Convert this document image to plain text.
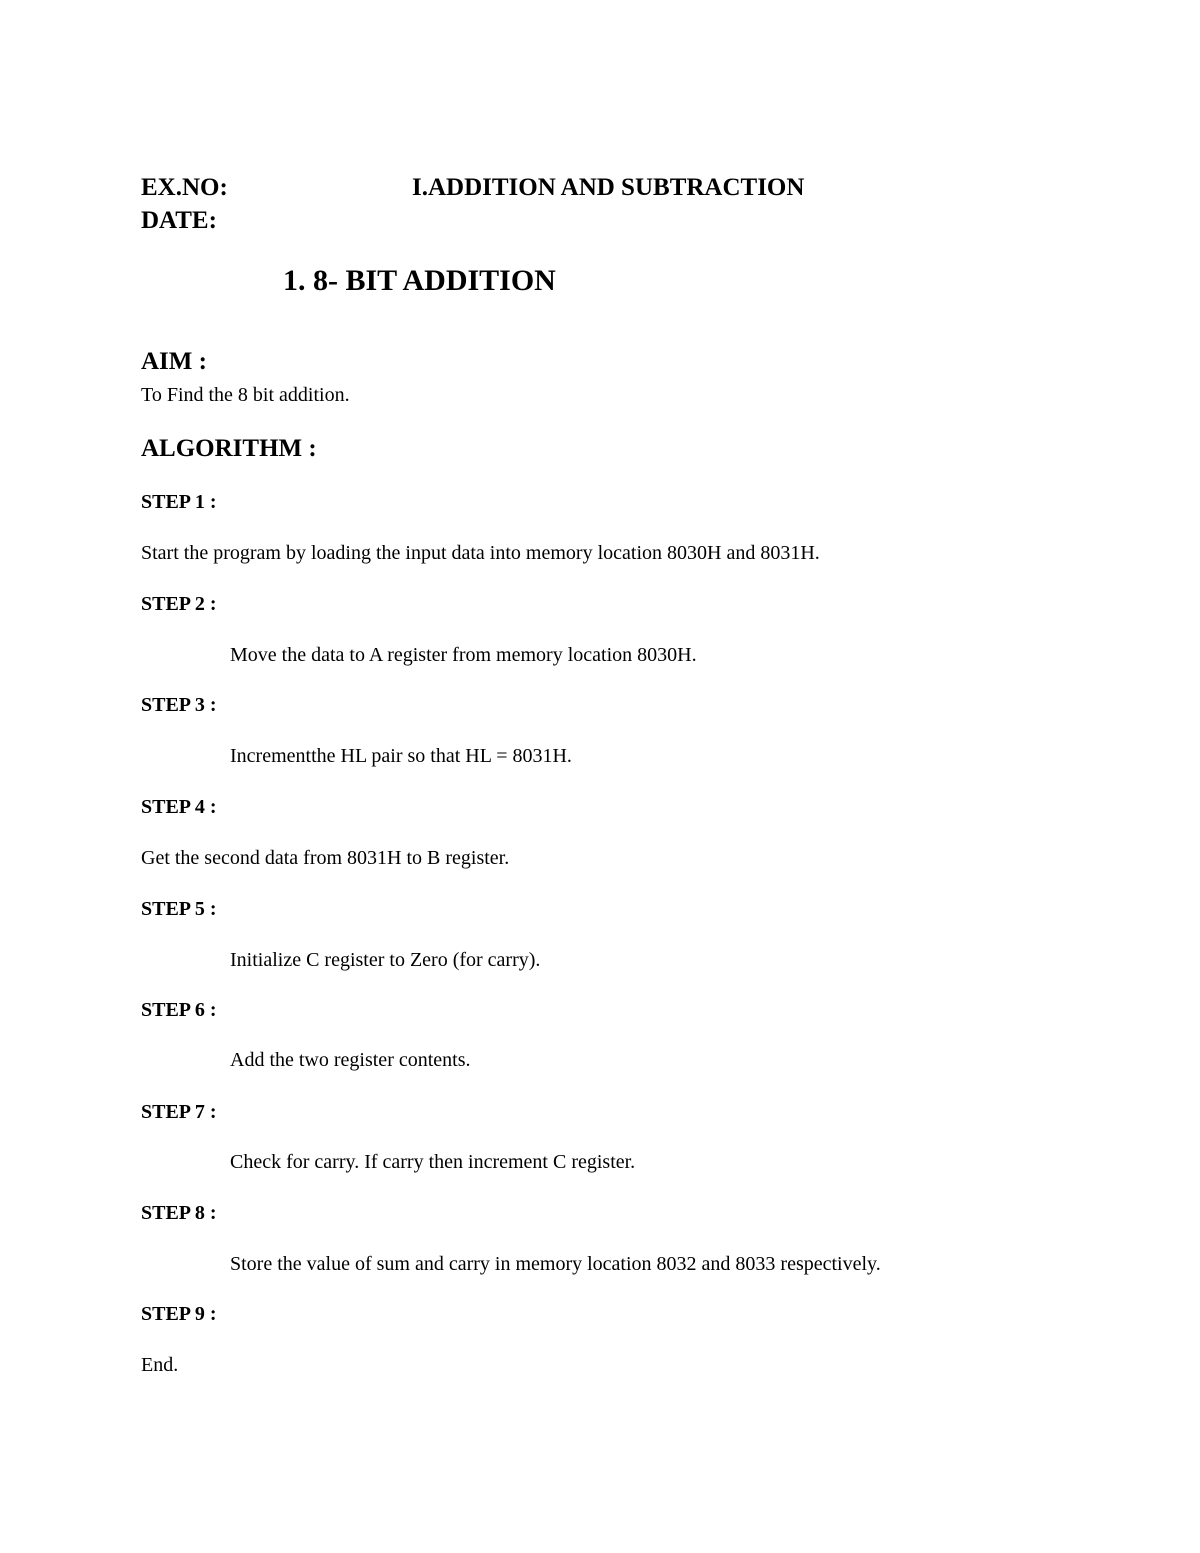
EX.NO:	I.ADDITION AND SUBTRACTION
DATE:
1. 8- BIT ADDITION
AIM :
To Find the 8 bit addition.
ALGORITHM :
STEP 1 :
Start the program by loading the input data into memory location 8030H and 8031H.
STEP 2 :
Move the data to A register from memory location 8030H.
STEP 3 :
Incrementthe HL pair so that HL = 8031H.
STEP 4 :
Get the second data from 8031H to B register.
STEP 5 :
Initialize C register to Zero (for carry).
STEP 6 :
Add the two register contents.
STEP 7 :
Check for carry. If carry then increment C register.
STEP 8 :
Store the value of sum and carry in memory location 8032 and 8033 respectively.
STEP 9 :
End.
